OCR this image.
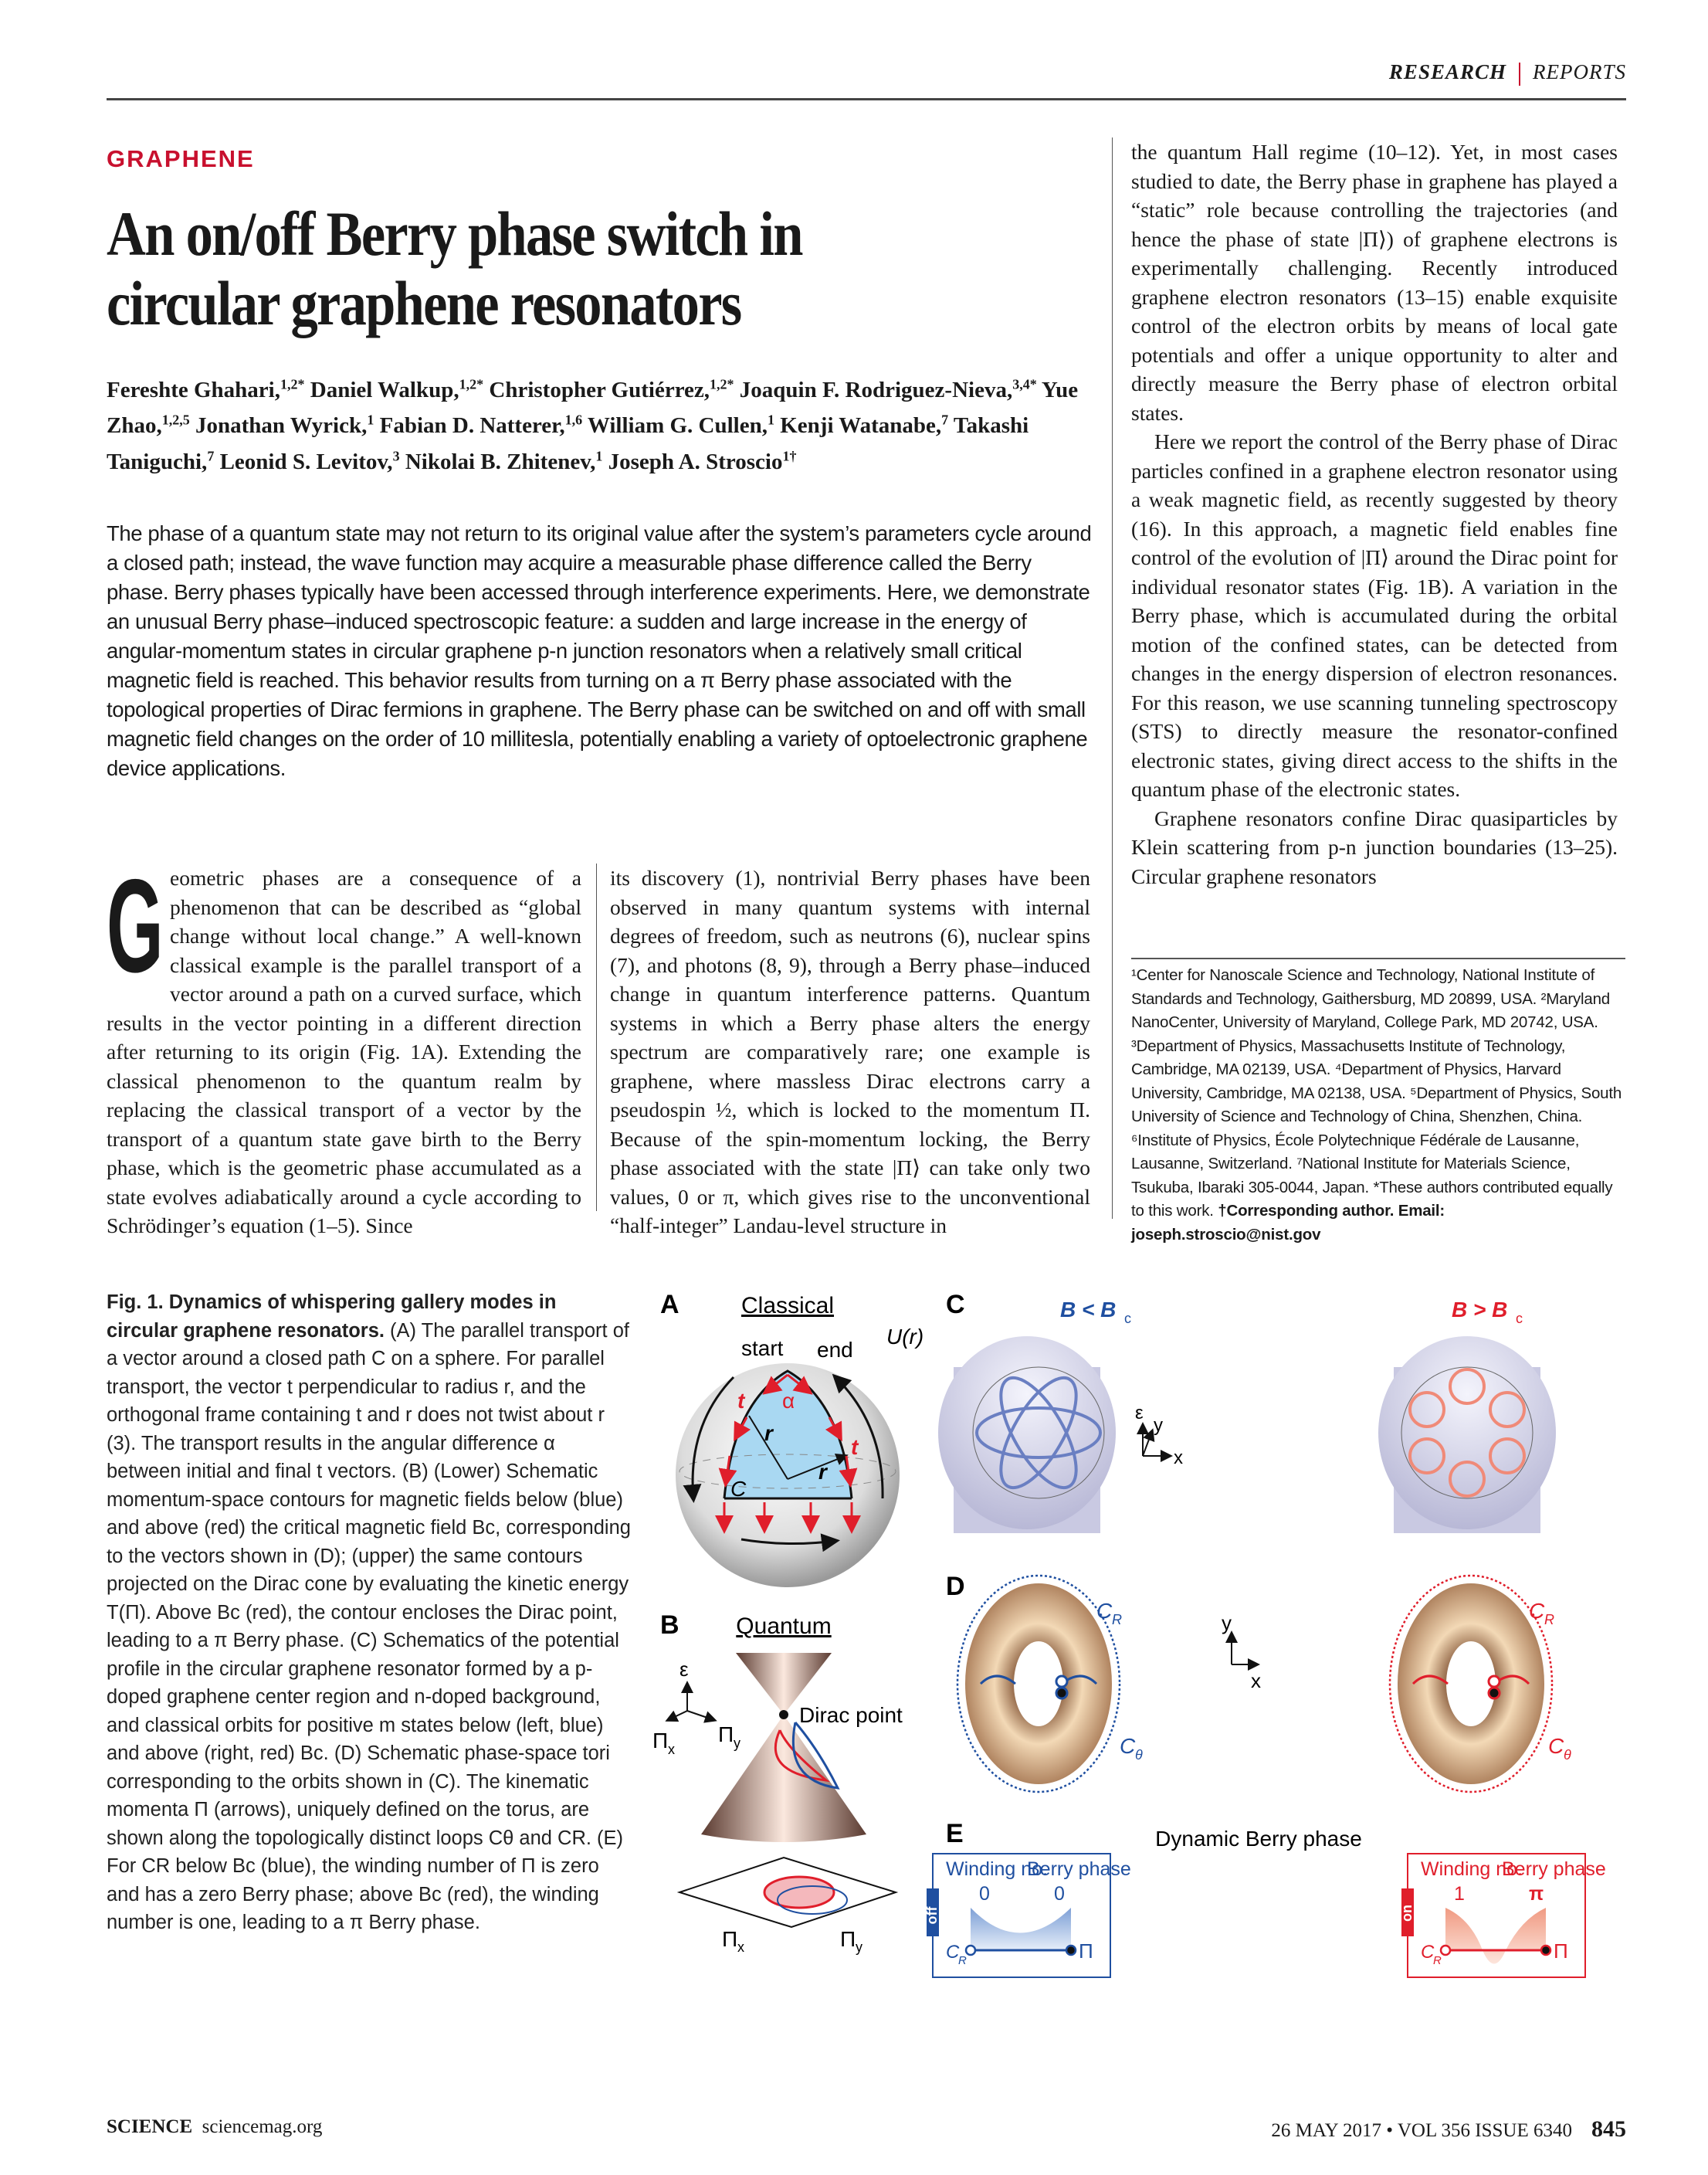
RESEARCH REPORTS
GRAPHENE
An on/off Berry phase switch in circular graphene resonators
Fereshte Ghahari,$^{1,2*}$ Daniel Walkup,$^{1,2*}$ Christopher Gutiérrez,$^{1,2*}$ Joaquin F. Rodriguez-Nieva,$^{3,4*}$ Yue Zhao,$^{1,2,5}$ Jonathan Wyrick,$^1$ Fabian D. Natterer,$^{1,6}$ William G. Cullen,$^1$ Kenji Watanabe,$^7$ Takashi Taniguchi,$^7$ Leonid S. Levitov,$^3$ Nikolai B. Zhitenev,$^1$ Joseph A. Stroscio$^{1\dagger}$
The phase of a quantum state may not return to its original value after the system’s parameters cycle around a closed path; instead, the wave function may acquire a measurable phase difference called the Berry phase. Berry phases typically have been accessed through interference experiments. Here, we demonstrate an unusual Berry phase–induced spectroscopic feature: a sudden and large increase in the energy of angular-momentum states in circular graphene p-n junction resonators when a relatively small critical magnetic field is reached. This behavior results from turning on a π Berry phase associated with the topological properties of Dirac fermions in graphene. The Berry phase can be switched on and off with small magnetic field changes on the order of 10 millitesla, potentially enabling a variety of optoelectronic graphene device applications.
Geometric phases are a consequence of a phenomenon that can be described as “global change without local change.” A well-known classical example is the parallel transport of a vector around a path on a curved surface, which results in the vector pointing in a different direction after returning to its origin (Fig. 1A). Extending the classical phenomenon to the quantum realm by replacing the classical transport of a vector by the transport of a quantum state gave birth to the Berry phase, which is the geometric phase accumulated as a state evolves adiabatically around a cycle according to Schrödinger’s equation (1–5). Since
its discovery (1), nontrivial Berry phases have been observed in many quantum systems with internal degrees of freedom, such as neutrons (6), nuclear spins (7), and photons (8, 9), through a Berry phase–induced change in quantum interference patterns. Quantum systems in which a Berry phase alters the energy spectrum are comparatively rare; one example is graphene, where massless Dirac electrons carry a pseudospin ½, which is locked to the momentum Π. Because of the spin-momentum locking, the Berry phase associated with the state |Π⟩ can take only two values, 0 or π, which gives rise to the unconventional “half-integer” Landau-level structure in
the quantum Hall regime (10–12). Yet, in most cases studied to date, the Berry phase in graphene has played a “static” role because controlling the trajectories (and hence the phase of state |Π⟩) of graphene electrons is experimentally challenging. Recently introduced graphene electron resonators (13–15) enable exquisite control of the electron orbits by means of local gate potentials and offer a unique opportunity to alter and directly measure the Berry phase of electron orbital states.
Here we report the control of the Berry phase of Dirac particles confined in a graphene electron resonator using a weak magnetic field, as recently suggested by theory (16). In this approach, a magnetic field enables fine control of the evolution of |Π⟩ around the Dirac point for individual resonator states (Fig. 1B). A variation in the Berry phase, which is accumulated during the orbital motion of the confined states, can be detected from changes in the energy dispersion of electron resonances. For this reason, we use scanning tunneling spectroscopy (STS) to directly measure the resonator-confined electronic states, giving direct access to the shifts in the quantum phase of the electronic states.
Graphene resonators confine Dirac quasiparticles by Klein scattering from p-n junction boundaries (13–25). Circular graphene resonators
¹Center for Nanoscale Science and Technology, National Institute of Standards and Technology, Gaithersburg, MD 20899, USA. ²Maryland NanoCenter, University of Maryland, College Park, MD 20742, USA. ³Department of Physics, Massachusetts Institute of Technology, Cambridge, MA 02139, USA. ⁴Department of Physics, Harvard University, Cambridge, MA 02138, USA. ⁵Department of Physics, South University of Science and Technology of China, Shenzhen, China. ⁶Institute of Physics, École Polytechnique Fédérale de Lausanne, Lausanne, Switzerland. ⁷National Institute for Materials Science, Tsukuba, Ibaraki 305-0044, Japan. *These authors contributed equally to this work. †Corresponding author. Email: joseph.stroscio@nist.gov
Fig. 1. Dynamics of whispering gallery modes in circular graphene resonators. (A) The parallel transport of a vector around a closed path C on a sphere. For parallel transport, the vector t perpendicular to radius r, and the orthogonal frame containing t and r does not twist about r (3). The transport results in the angular difference α between initial and final t vectors. (B) (Lower) Schematic momentum-space contours for magnetic fields below (blue) and above (red) the critical magnetic field Bc, corresponding to the vectors shown in (D); (upper) the same contours projected on the Dirac cone by evaluating the kinetic energy T(Π). Above Bc (red), the contour encloses the Dirac point, leading to a π Berry phase. (C) Schematics of the potential profile in the circular graphene resonator formed by a p-doped graphene center region and n-doped background, and classical orbits for positive m states below (left, blue) and above (right, red) Bc. (D) Schematic phase-space tori corresponding to the orbits shown in (C). The kinematic momenta Π (arrows), uniquely defined on the torus, are shown along the topologically distinct loops Cθ and CR. (E) For CR below Bc (blue), the winding number of Π is zero and has a zero Berry phase; above Bc (red), the winding number is one, leading to a π Berry phase.
A	Classical
start end
α
t
t
r
r
C
B Quantum
Dirac point
ε
Π x
Π y
Π x	Π y
C	B < B c	B > B c
U(r)
ε
y
x
D
C R
C θ
C R
C θ
y
x
E	Dynamic Berry phase
off
Winding no.
Berry phase
0	0
C
R	Π
on
Winding no.
Berry phase
1	π
C
R	Π
SCIENCE sciencemag.org	26 MAY 2017 • VOL 356 ISSUE 6340 845
